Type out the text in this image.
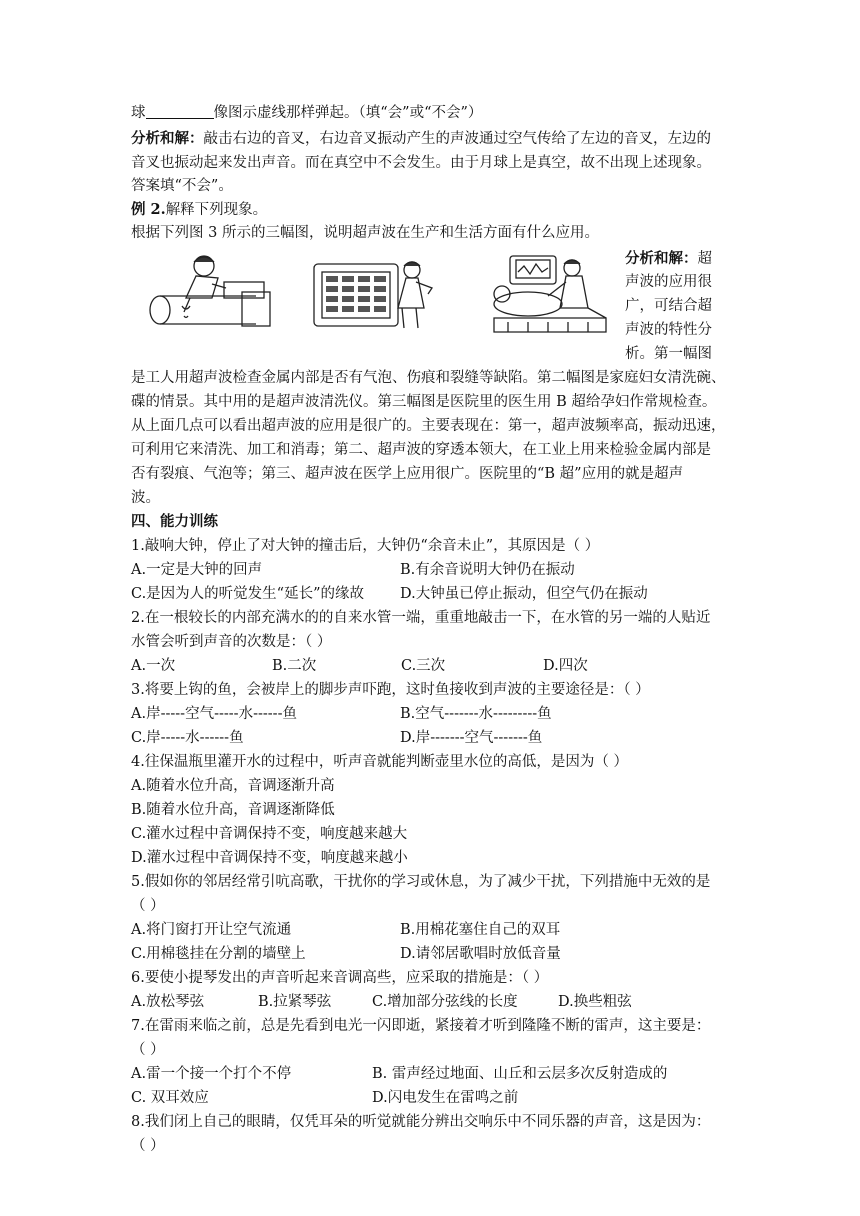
球	像图示虚线那样弹起。（填“会”或“不会”）
分析和解：敲击右边的音叉，右边音叉振动产生的声波通过空气传给了左边的音叉，左边的
音叉也振动起来发出声音。而在真空中不会发生。由于月球上是真空，故不出现上述现象。
答案填“不会”。
例 2.解释下列现象。
根据下列图 3 所示的三幅图，说明超声波在生产和生活方面有什么应用。
分析和解：超
声波的应用很
广，可结合超
声波的特性分
析。第一幅图
是工人用超声波检查金属内部是否有气泡、伤痕和裂缝等缺陷。第二幅图是家庭妇女清洗碗、
碟的情景。其中用的是超声波清洗仪。第三幅图是医院里的医生用 B 超给孕妇作常规检查。
从上面几点可以看出超声波的应用是很广的。主要表现在：第一，超声波频率高，振动迅速，
可利用它来清洗、加工和消毒；第二、超声波的穿透本领大，在工业上用来检验金属内部是
否有裂痕、气泡等；第三、超声波在医学上应用很广。医院里的“B 超”应用的就是超声
波。
四、能力训练
1.敲响大钟，停止了对大钟的撞击后，大钟仍“余音未止”，其原因是（ ）
A.一定是大钟的回声	B.有余音说明大钟仍在振动
C.是因为人的听觉发生“延长”的缘故 D.大钟虽已停止振动，但空气仍在振动
2.在一根较长的内部充满水的的自来水管一端，重重地敲击一下，在水管的另一端的人贴近
水管会听到声音的次数是：（ ）
A.一次	B.二次	C.三次	D.四次
3.将要上钩的鱼，会被岸上的脚步声吓跑，这时鱼接收到声波的主要途径是：（ ）
A.岸-----空气-----水------鱼	B.空气-------水---------鱼
C.岸-----水------鱼	D.岸-------空气-------鱼
4.往保温瓶里灌开水的过程中，听声音就能判断壶里水位的高低，是因为（ ）
A.随着水位升高，音调逐渐升高
B.随着水位升高，音调逐渐降低
C.灌水过程中音调保持不变，响度越来越大
D.灌水过程中音调保持不变，响度越来越小
5.假如你的邻居经常引吭高歌，干扰你的学习或休息，为了减少干扰，下列措施中无效的是
（ ）
A.将门窗打开让空气流通	B.用棉花塞住自己的双耳
C.用棉毯挂在分割的墙壁上	D.请邻居歌唱时放低音量
6.要使小提琴发出的声音听起来音调高些，应采取的措施是：（ ）
A.放松琴弦	B.拉紧琴弦	C.增加部分弦线的长度	D.换些粗弦
7.在雷雨来临之前，总是先看到电光一闪即逝，紧接着才听到隆隆不断的雷声，这主要是：
（ ）
A.雷一个接一个打个不停	B. 雷声经过地面、山丘和云层多次反射造成的
C. 双耳效应	D.闪电发生在雷鸣之前
8.我们闭上自己的眼睛，仅凭耳朵的听觉就能分辨出交响乐中不同乐器的声音，这是因为：
（ ）
